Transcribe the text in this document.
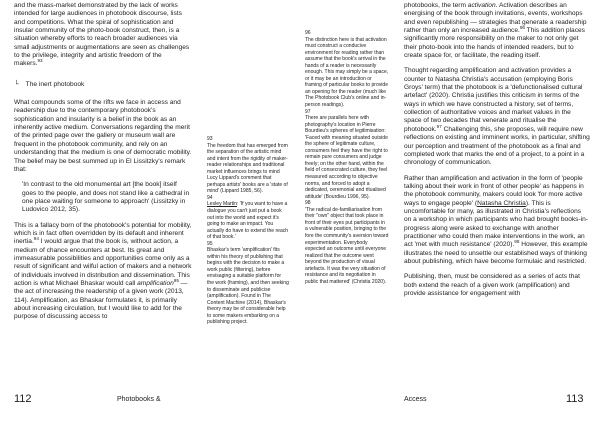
and the mass-market demonstrated by the lack of works intended for large audiences in photobook discourse, lists and competitions. What the spiral of sophistication and insular community of the photo-book construct, then, is a situation whereby efforts to reach broader audiences via small adjustments or augmentations are seen as challenges to the privilege, integrity and artistic freedom of the makers.$^{93}$

└ The inert photobook

What compounds some of the rifts we face in access and readership due to the contemporary photobook's sophistication and insularity is a belief in the book as an inherently active medium. Conversations regarding the merit of the printed page over the gallery or museum wall are frequent in the photobook community, and rely on an understanding that the medium is one of democratic mobility. The belief may be best summed up in El Lissitzky's remark that:

'In contrast to the old monumental art [the book] itself goes to the people, and does not stand like a cathedral in one place waiting for someone to approach' (Lissitzky in Ludovico 2012, 35).

This is a fallacy born of the photobook's potential for mobility, which is in fact often overridden by its default and inherent inertia.$^{94}$ I would argue that the book is, without action, a medium of chance encounters at best. Its great and immeasurable possibilities and opportunities come only as a result of significant and wilful action of makers and a network of individuals involved in distribution and dissemination. This action is what Michael Bhaskar would call amplification$^{95}$ — the act of increasing the readership of a given work (2013, 114). Amplification, as Bhaskar formulates it, is primarily about increasing circulation, but I would like to add for the purpose of discussing access to

93
The freedom that has emerged from the separation of the artistic mind and intent from the rigidity of maker-reader relationships and traditional market influences brings to mind Lucy Lippard's comment that perhaps artists' books are a 'state of mind' (Lippard 1985, 56).

94
Lesley Martin: 'If you want to have a dialogue you can't just put a book out into the world and expect it's going to make an impact. You actually do have to extend the reach of that book.'

95
Bhaskar's term 'amplification' fits within his theory of publishing that begins with the decision to make a work public (filtering), before envisaging a suitable platform for the work (framing), and then seeking to disseminate and publicise (amplification). Found in The Content Machine (2014), Bhaskar's theory may be of considerable help to some makers embarking on a publishing project.

96
The distinction here is that activation must construct a conducive environment for reading rather than assume that the book's arrival in the hands of a reader is necessarily enough. This may simply be a space, or it may be an introduction or framing of particular books to provide an opening for the reader (much like The Photobook Club's online and in-person readings).

97
There are parallels here with photography's location in Pierre Bourdieu's spheres of legitimisation: 'Faced with meaning situated outside the sphere of legitimate culture, consumers feel they have the right to remain pure consumers and judge freely; on the other hand, within the field of consecrated culture, they feel measured according to objective norms, and forced to adopt a dedicated, ceremonial and ritualised attitude' (Bourdieu 1996, 95).

98
'The radical de-familiarisation from their "own" object that took place in front of their eyes put participants in a vulnerable position, bringing to the fore the community's aversion toward experimentation. Everybody expected an outcome until everyone realized that the outcome went beyond the production of visual artefacts. It was the very situation of resistance and its negotiation in public that mattered' (Christia 2020).

photobooks, the term activation. Activation describes an energising of the book through invitations, events, workshops and even republishing — strategies that generate a readership rather than only an increased audience.$^{96}$ This addition places significantly more responsibility on the maker to not only get their photo-book into the hands of intended readers, but to create space for, or facilitate, the reading itself.

Thought regarding amplification and activation provides a counter to Natasha Christia's accusation (employing Boris Groys' term) that the photobook is a 'defunctionalised cultural artefact' (2020). Christia justifies this criticism in terms of the ways in which we have constructed a history, set of terms, collection of authoritative voices and market values in the space of two decades that venerate and ritualise the photobook.$^{97}$ Challenging this, she proposes, will require new reflections on existing and imminent works, in particular, shifting our perception and treatment of the photobook as a final and completed work that marks the end of a project, to a point in a chronology of communication.

Rather than amplification and activation in the form of 'people talking about their work in front of other people' as happens in the photobook community, makers could look 'for more active ways to engage people' (Natasha Christia). This is uncomfortable for many, as illustrated in Christia's reflections on a workshop in which participants who had brought books-in-progress along were asked to exchange with another practitioner who could then make interventions in the work, an act 'met with much resistance' (2020).$^{98}$ However, this example illustrates the need to unsettle our established ways of thinking about publishing, which have become formulaic and restricted.

Publishing, then, must be considered as a series of acts that both extend the reach of a given work (amplification) and provide assistance for engagement with

112	Photobooks &	Access	113
